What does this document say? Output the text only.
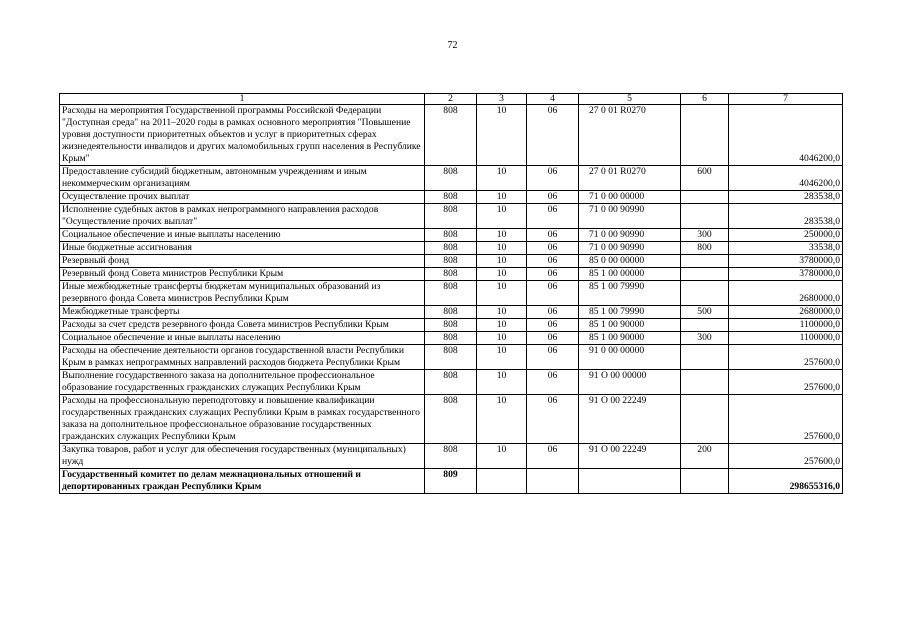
72
1	2	3	4	5	6	7
Расходы на мероприятия Государственной программы Российской Федерации "Доступная среда" на 2011–2020 годы в рамках основного мероприятия "Повышение уровня доступности приоритетных объектов и услуг в приоритетных сферах жизнедеятельности инвалидов и других маломобильных групп населения в Республике Крым"	808	10	06	27 0 01 R0270		4046200,0
Предоставление субсидий бюджетным, автономным учреждениям и иным некоммерческим организациям	808	10	06	27 0 01 R0270	600	4046200,0
Осуществление прочих выплат	808	10	06	71 0 00 00000		283538,0
Исполнение судебных актов в рамках непрограммного направления расходов "Осуществление прочих выплат"	808	10	06	71 0 00 90990		283538,0
Социальное обеспечение и иные выплаты населению	808	10	06	71 0 00 90990	300	250000,0
Иные бюджетные ассигнования	808	10	06	71 0 00 90990	800	33538,0
Резервный фонд	808	10	06	85 0 00 00000		3780000,0
Резервный фонд Совета министров Республики Крым	808	10	06	85 1 00 00000		3780000,0
Иные межбюджетные трансферты бюджетам муниципальных образований из резервного фонда Совета министров Республики Крым	808	10	06	85 1 00 79990		2680000,0
Межбюджетные трансферты	808	10	06	85 1 00 79990	500	2680000,0
Расходы за счет средств резервного фонда Совета министров Республики Крым	808	10	06	85 1 00 90000		1100000,0
Социальное обеспечение и иные выплаты населению	808	10	06	85 1 00 90000	300	1100000,0
Расходы на обеспечение деятельности органов государственной власти Республики Крым в рамках непрограммных направлений расходов бюджета Республики Крым	808	10	06	91 0 00 00000		257600,0
Выполнение государственного заказа на дополнительное профессиональное образование государственных гражданских служащих Республики Крым	808	10	06	91 О 00 00000		257600,0
Расходы на профессиональную переподготовку и повышение квалификации государственных гражданских служащих Республики Крым в рамках государственного заказа на дополнительное профессиональное образование государственных гражданских служащих Республики Крым	808	10	06	91 О 00 22249		257600,0
Закупка товаров, работ и услуг для обеспечения государственных (муниципальных) нужд	808	10	06	91 О 00 22249	200	257600,0
Государственный комитет по делам межнациональных отношений и депортированных граждан Республики Крым	809					298655316,0
